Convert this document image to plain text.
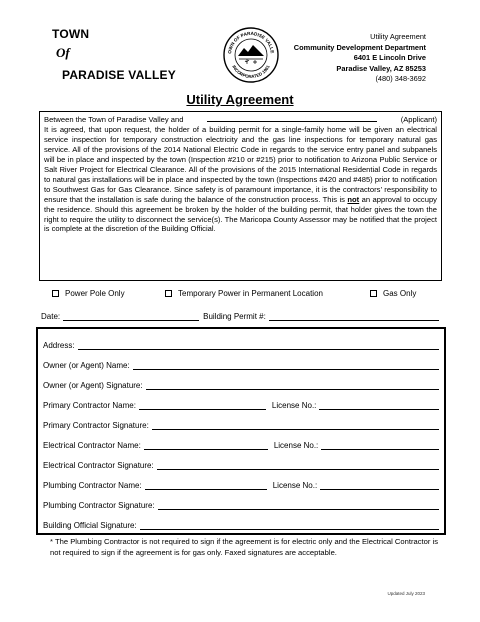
TOWN
Of
PARADISE VALLEY
OWN OF PARADISE VALLE
INCORPORATED 1961
Utility Agreement
Community Development Department
6401 E Lincoln Drive
Paradise Valley, AZ 85253
(480) 348-3692
Utility Agreement
Between the Town of Paradise Valley and	(Applicant)
It is agreed, that upon request, the holder of a building permit for a single-family home will be given an electrical service inspection for temporary construction electricity and the gas line inspections for temporary natural gas service. All of the provisions of the 2014 National Electric Code in regards to the service entry panel and subpanels will be in place and inspected by the town (Inspection #210 or #215) prior to notification to Arizona Public Service or Salt River Project for Electrical Clearance. All of the provisions of the 2015 International Residential Code in regards to natural gas installations will be in place and inspected by the town (Inspections #420 and #485) prior to notification to Southwest Gas for Gas Clearance. Since safety is of paramount importance, it is the contractors’ responsibility to ensure that the installation is safe during the balance of the construction process. This is not an approval to occupy the residence. Should this agreement be broken by the holder of the building permit, that holder gives the town the right to require the utility to disconnect the service(s). The Maricopa County Assessor may be notified that the project is complete at the discretion of the Building Official.
Power Pole Only	Temporary Power in Permanent Location	Gas Only
Date:	Building Permit #:
Address:
Owner (or Agent) Name:
Owner (or Agent) Signature:
Primary Contractor Name:	License No.:
Primary Contractor Signature:
Electrical Contractor Name:	License No.:
Electrical Contractor Signature:
Plumbing Contractor Name:	License No.:
Plumbing Contractor Signature:
Building Official Signature:
* The Plumbing Contractor is not required to sign if the agreement is for electric only and the Electrical Contractor is not required to sign if the agreement is for gas only. Faxed signatures are acceptable.
Updated July 2023
